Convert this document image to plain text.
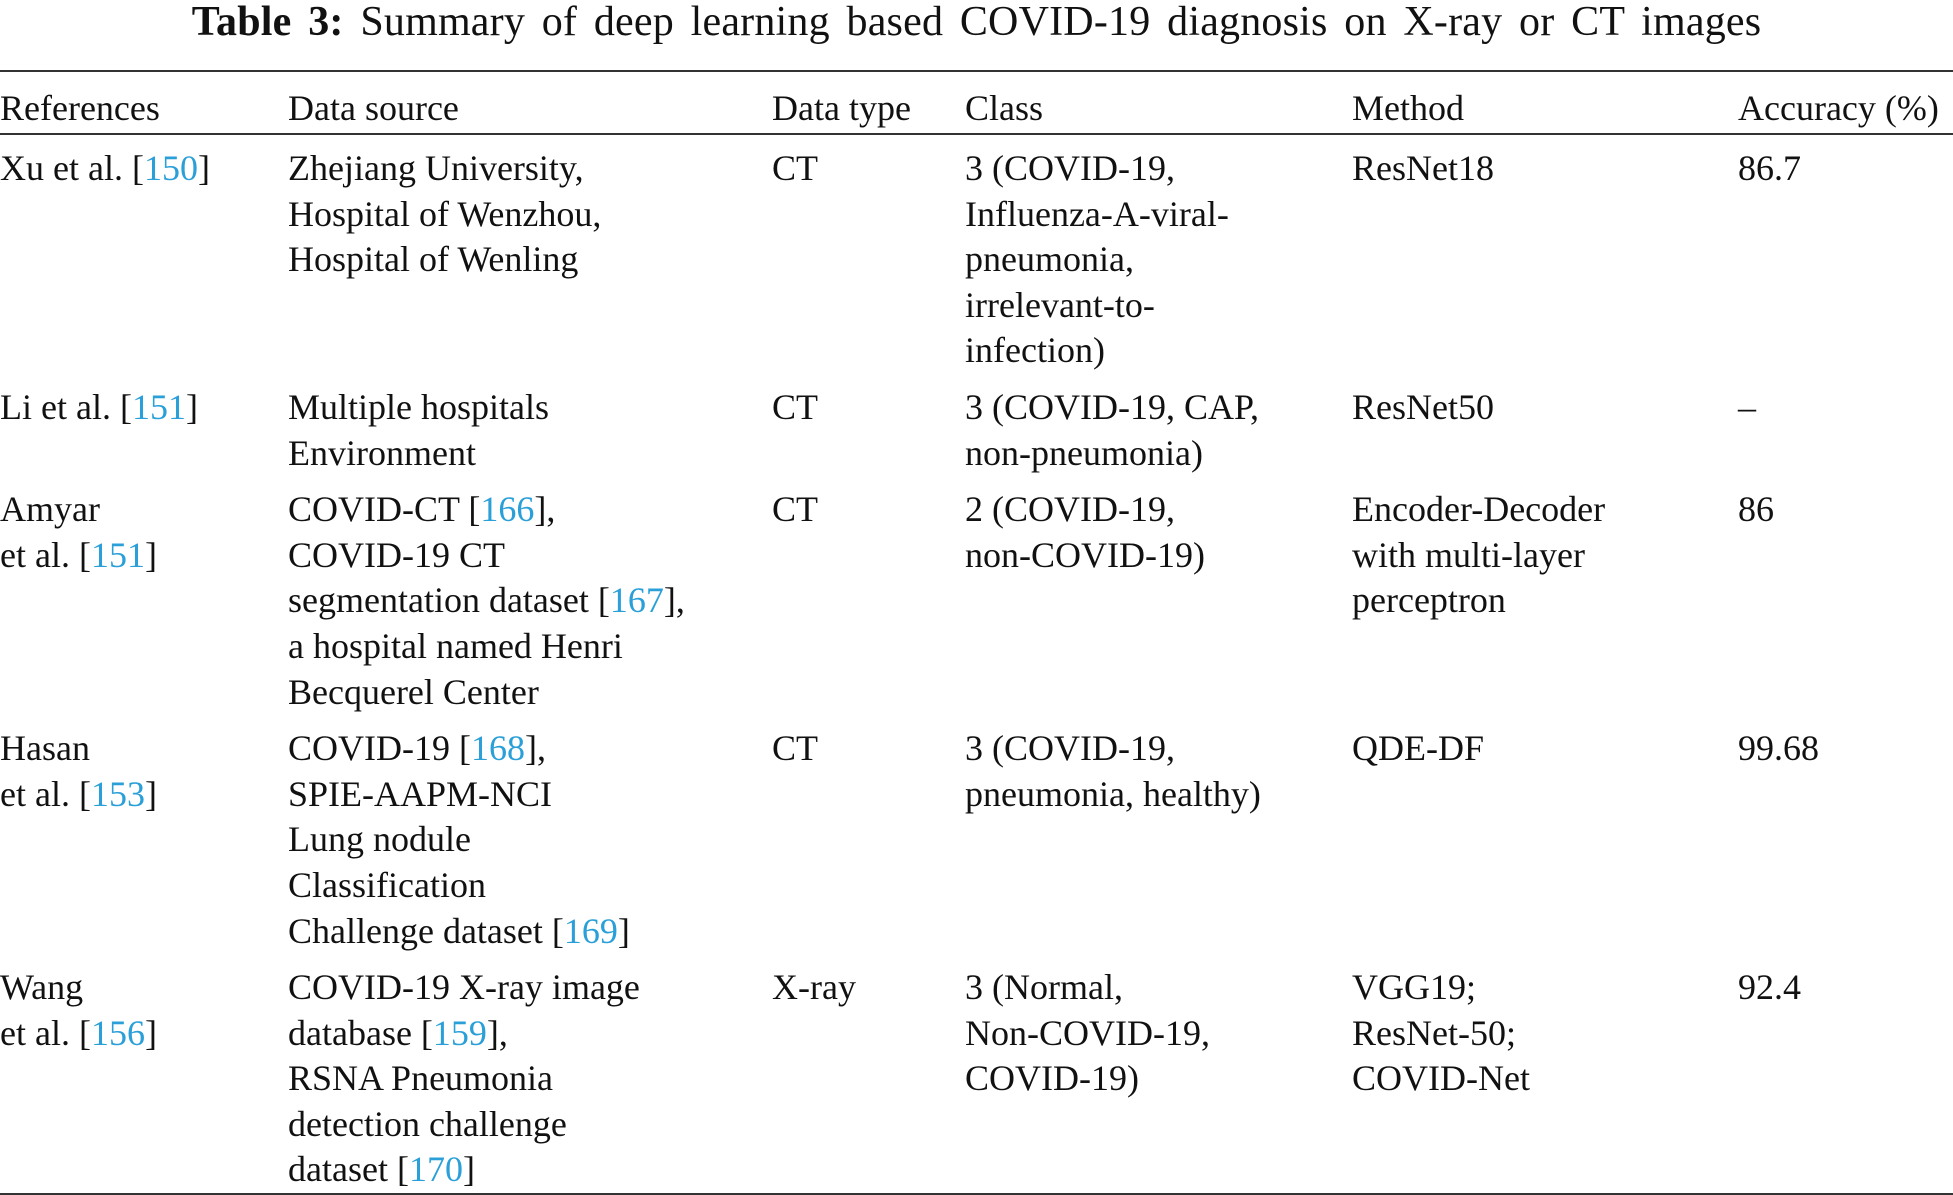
Table 3: Summary of deep learning based COVID-19 diagnosis on X-ray or CT images
References	Data source	Data type	Class	Method	Accuracy (%)
Xu et al. [150]	Zhejiang University,
Hospital of Wenzhou,
Hospital of Wenling	CT	3 (COVID-19,
Influenza-A-viral-
pneumonia,
irrelevant-to-
infection)	ResNet18	86.7
Li et al. [151]	Multiple hospitals
Environment	CT	3 (COVID-19, CAP,
non-pneumonia)	ResNet50	–
Amyar
et al. [151]	COVID-CT [166],
COVID-19 CT
segmentation dataset [167],
a hospital named Henri
Becquerel Center	CT	2 (COVID-19,
non-COVID-19)	Encoder-Decoder
with multi-layer
perceptron	86
Hasan
et al. [153]	COVID-19 [168],
SPIE-AAPM-NCI
Lung nodule
Classification
Challenge dataset [169]	CT	3 (COVID-19,
pneumonia, healthy)	QDE-DF	99.68
Wang
et al. [156]	COVID-19 X-ray image
database [159],
RSNA Pneumonia
detection challenge
dataset [170]	X-ray	3 (Normal,
Non-COVID-19,
COVID-19)	VGG19;
ResNet-50;
COVID-Net	92.4
